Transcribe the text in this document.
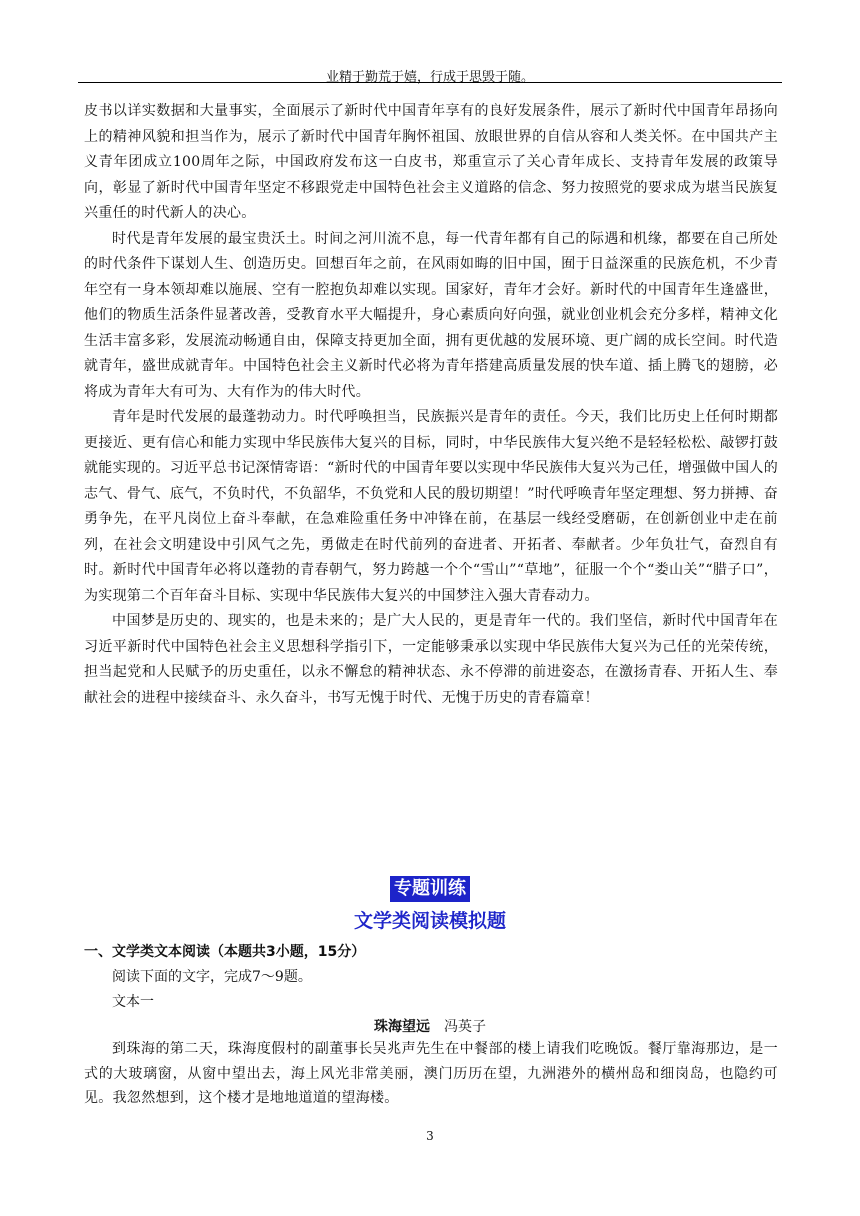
业精于勤荒于嬉，行成于思毁于随。

皮书以详实数据和大量事实，全面展示了新时代中国青年享有的良好发展条件，展示了新时代中国青年昂扬向上的精神风貌和担当作为，展示了新时代中国青年胸怀祖国、放眼世界的自信从容和人类关怀。在中国共产主义青年团成立100周年之际，中国政府发布这一白皮书，郑重宣示了关心青年成长、支持青年发展的政策导向，彰显了新时代中国青年坚定不移跟党走中国特色社会主义道路的信念、努力按照党的要求成为堪当民族复兴重任的时代新人的决心。

时代是青年发展的最宝贵沃土。时间之河川流不息，每一代青年都有自己的际遇和机缘，都要在自己所处的时代条件下谋划人生、创造历史。回想百年之前，在风雨如晦的旧中国，囿于日益深重的民族危机，不少青年空有一身本领却难以施展、空有一腔抱负却难以实现。国家好，青年才会好。新时代的中国青年生逢盛世，他们的物质生活条件显著改善，受教育水平大幅提升，身心素质向好向强，就业创业机会充分多样，精神文化生活丰富多彩，发展流动畅通自由，保障支持更加全面，拥有更优越的发展环境、更广阔的成长空间。时代造就青年，盛世成就青年。中国特色社会主义新时代必将为青年搭建高质量发展的快车道、插上腾飞的翅膀，必将成为青年大有可为、大有作为的伟大时代。

青年是时代发展的最蓬勃动力。时代呼唤担当，民族振兴是青年的责任。今天，我们比历史上任何时期都更接近、更有信心和能力实现中华民族伟大复兴的目标，同时，中华民族伟大复兴绝不是轻轻松松、敲锣打鼓就能实现的。习近平总书记深情寄语：“新时代的中国青年要以实现中华民族伟大复兴为己任，增强做中国人的志气、骨气、底气，不负时代，不负韶华，不负党和人民的殷切期望！”时代呼唤青年坚定理想、努力拼搏、奋勇争先，在平凡岗位上奋斗奉献，在急难险重任务中冲锋在前，在基层一线经受磨砺，在创新创业中走在前列，在社会文明建设中引风气之先，勇做走在时代前列的奋进者、开拓者、奉献者。少年负壮气，奋烈自有时。新时代中国青年必将以蓬勃的青春朝气，努力跨越一个个“雪山”“草地”，征服一个个“娄山关”“腊子口”，为实现第二个百年奋斗目标、实现中华民族伟大复兴的中国梦注入强大青春动力。

中国梦是历史的、现实的，也是未来的；是广大人民的，更是青年一代的。我们坚信，新时代中国青年在习近平新时代中国特色社会主义思想科学指引下，一定能够秉承以实现中华民族伟大复兴为己任的光荣传统，担当起党和人民赋予的历史重任，以永不懈怠的精神状态、永不停滞的前进姿态，在激扬青春、开拓人生、奉献社会的进程中接续奋斗、永久奋斗，书写无愧于时代、无愧于历史的青春篇章！

专题训练
文学类阅读模拟题
一、文学类文本阅读（本题共3小题，15分）
阅读下面的文字，完成7～9题。
文本一
珠海望远 冯英子

到珠海的第二天，珠海度假村的副董事长吴兆声先生在中餐部的楼上请我们吃晚饭。餐厅靠海那边，是一式的大玻璃窗，从窗中望出去，海上风光非常美丽，澳门历历在望，九洲港外的横州岛和细岗岛，也隐约可见。我忽然想到，这个楼才是地地道道的望海楼。

3
